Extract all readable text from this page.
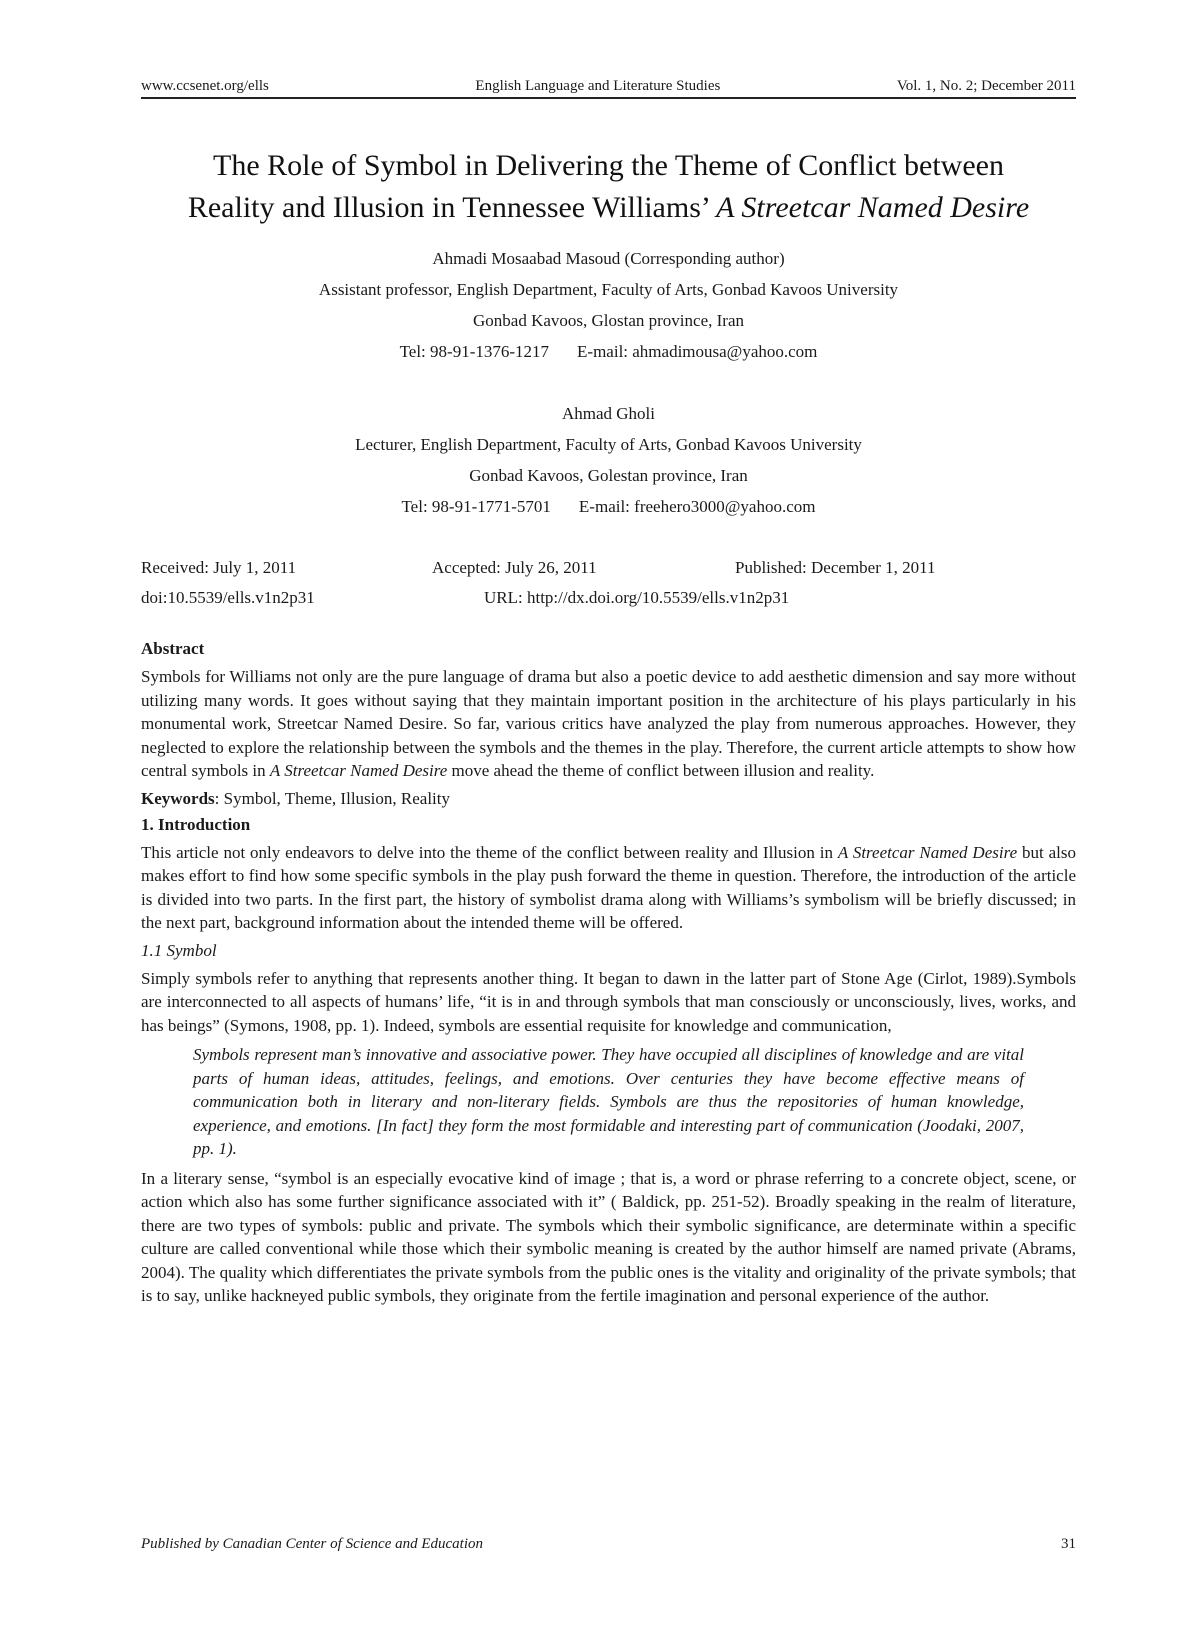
www.ccsenet.org/ells	English Language and Literature Studies	Vol. 1, No. 2; December 2011
The Role of Symbol in Delivering the Theme of Conflict between
Reality and Illusion in Tennessee Williams’ A Streetcar Named Desire
Ahmadi Mosaabad Masoud (Corresponding author)
Assistant professor, English Department, Faculty of Arts, Gonbad Kavoos University
Gonbad Kavoos, Glostan province, Iran
Tel: 98-91-1376-1217 E-mail: ahmadimousa@yahoo.com
Ahmad Gholi
Lecturer, English Department, Faculty of Arts, Gonbad Kavoos University
Gonbad Kavoos, Golestan province, Iran
Tel: 98-91-1771-5701 E-mail: freehero3000@yahoo.com
Received: July 1, 2011	Accepted: July 26, 2011	Published: December 1, 2011
doi:10.5539/ells.v1n2p31	URL: http://dx.doi.org/10.5539/ells.v1n2p31
Abstract

Symbols for Williams not only are the pure language of drama but also a poetic device to add aesthetic dimension and say more without utilizing many words. It goes without saying that they maintain important position in the architecture of his plays particularly in his monumental work, Streetcar Named Desire. So far, various critics have analyzed the play from numerous approaches. However, they neglected to explore the relationship between the symbols and the themes in the play. Therefore, the current article attempts to show how central symbols in A Streetcar Named Desire move ahead the theme of conflict between illusion and reality.

Keywords: Symbol, Theme, Illusion, Reality
1. Introduction

This article not only endeavors to delve into the theme of the conflict between reality and Illusion in A Streetcar Named Desire but also makes effort to find how some specific symbols in the play push forward the theme in question. Therefore, the introduction of the article is divided into two parts. In the first part, the history of symbolist drama along with Williams’s symbolism will be briefly discussed; in the next part, background information about the intended theme will be offered.

1.1 Symbol

Simply symbols refer to anything that represents another thing. It began to dawn in the latter part of Stone Age (Cirlot, 1989).Symbols are interconnected to all aspects of humans’ life, “it is in and through symbols that man consciously or unconsciously, lives, works, and has beings” (Symons, 1908, pp. 1). Indeed, symbols are essential requisite for knowledge and communication,

Symbols represent man’s innovative and associative power. They have occupied all disciplines of knowledge and are vital parts of human ideas, attitudes, feelings, and emotions. Over centuries they have become effective means of communication both in literary and non-literary fields. Symbols are thus the repositories of human knowledge, experience, and emotions. [In fact] they form the most formidable and interesting part of communication (Joodaki, 2007, pp. 1).

In a literary sense, “symbol is an especially evocative kind of image ; that is, a word or phrase referring to a concrete object, scene, or action which also has some further significance associated with it” ( Baldick, pp. 251-52). Broadly speaking in the realm of literature, there are two types of symbols: public and private. The symbols which their symbolic significance, are determinate within a specific culture are called conventional while those which their symbolic meaning is created by the author himself are named private (Abrams, 2004). The quality which differentiates the private symbols from the public ones is the vitality and originality of the private symbols; that is to say, unlike hackneyed public symbols, they originate from the fertile imagination and personal experience of the author.

Published by Canadian Center of Science and Education	31
